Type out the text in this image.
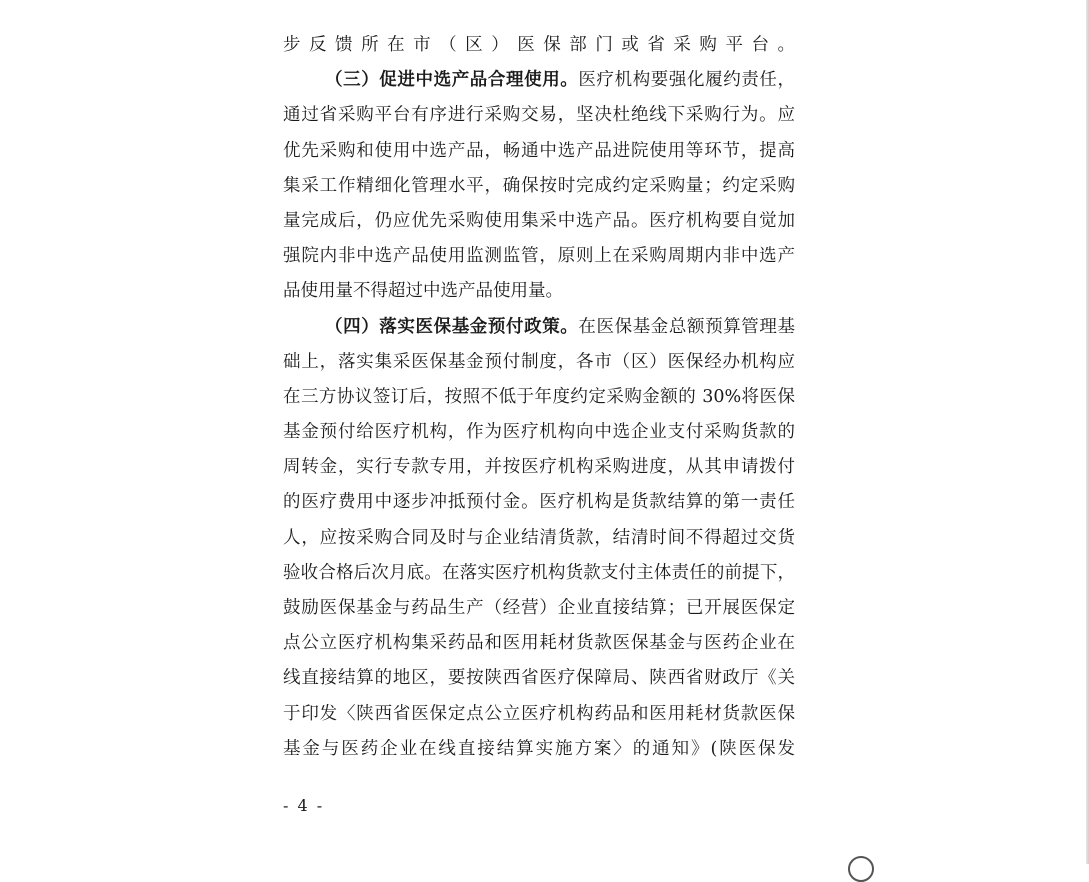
步反馈所在市（区）医保部门或省采购平台。
（三）促进中选产品合理使用。医疗机构要强化履约责任，
通过省采购平台有序进行采购交易，坚决杜绝线下采购行为。应
优先采购和使用中选产品，畅通中选产品进院使用等环节，提高
集采工作精细化管理水平，确保按时完成约定采购量；约定采购
量完成后，仍应优先采购使用集采中选产品。医疗机构要自觉加
强院内非中选产品使用监测监管，原则上在采购周期内非中选产
品使用量不得超过中选产品使用量。
（四）落实医保基金预付政策。在医保基金总额预算管理基
础上，落实集采医保基金预付制度，各市（区）医保经办机构应
在三方协议签订后，按照不低于年度约定采购金额的 30%将医保
基金预付给医疗机构，作为医疗机构向中选企业支付采购货款的
周转金，实行专款专用，并按医疗机构采购进度，从其申请拨付
的医疗费用中逐步冲抵预付金。医疗机构是货款结算的第一责任
人，应按采购合同及时与企业结清货款，结清时间不得超过交货
验收合格后次月底。在落实医疗机构货款支付主体责任的前提下，
鼓励医保基金与药品生产（经营）企业直接结算；已开展医保定
点公立医疗机构集采药品和医用耗材货款医保基金与医药企业在
线直接结算的地区，要按陕西省医疗保障局、陕西省财政厅《关
于印发〈陕西省医保定点公立医疗机构药品和医用耗材货款医保
基金与医药企业在线直接结算实施方案〉的通知》(陕医保发
- 4 -
